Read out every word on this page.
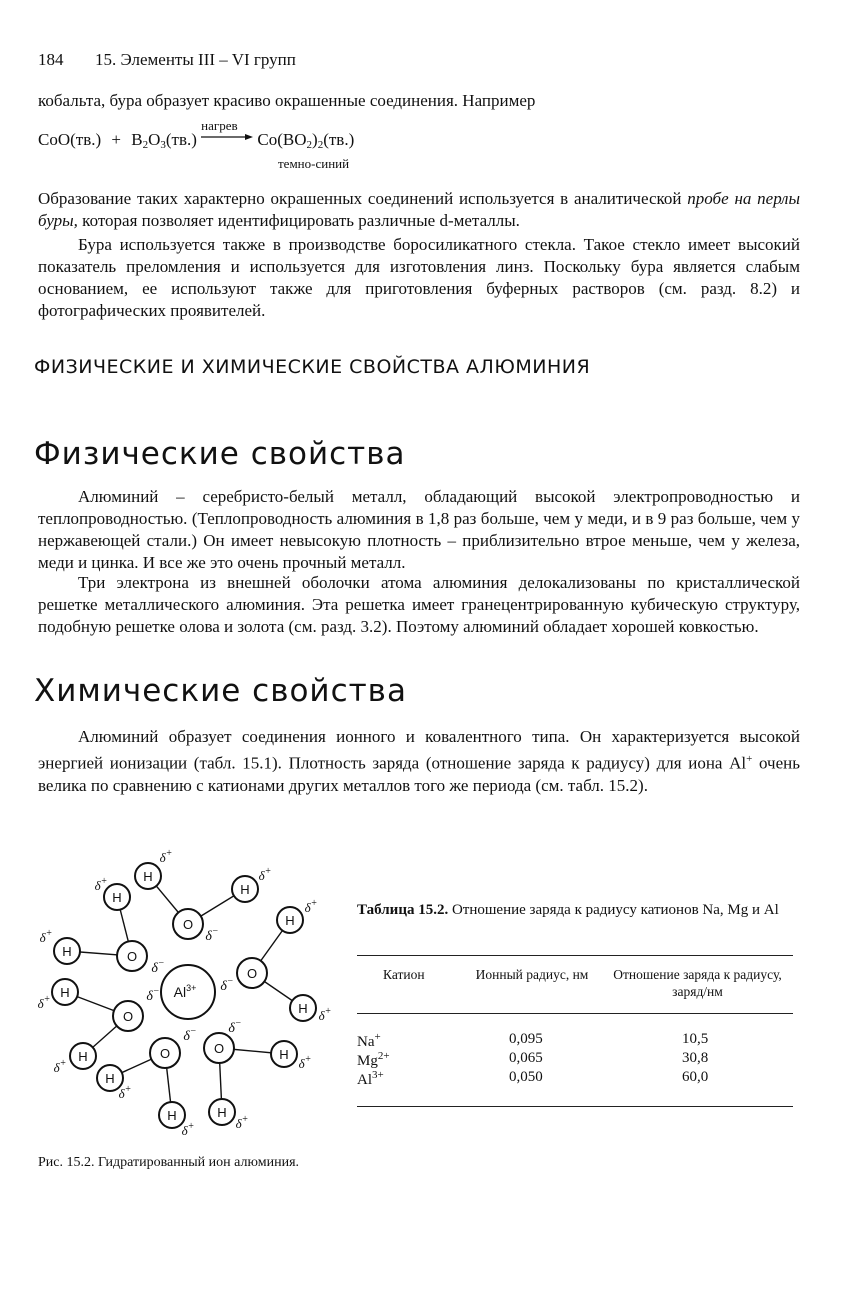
184 15. Элементы III – VI групп
кобальта, бура образует красиво окрашенные соединения. Например
$CoO(тв.) + B_2O_3(тв.)$
нагрев
$Co(BO_2)_2(тв.)$
темно-синий
Образование таких характерно окрашенных соединений используется в аналитической пробе на перлы буры, которая позволяет идентифицировать различные d-металлы.
Бура используется также в производстве боросиликатного стекла. Такое стекло имеет высокий показатель преломления и используется для изготовления линз. Поскольку бура является слабым основанием, ее используют также для приготовления буферных растворов (см. разд. 8.2) и фотографических проявителей.
ФИЗИЧЕСКИЕ И ХИМИЧЕСКИЕ СВОЙСТВА АЛЮМИНИЯ
Физические свойства
Алюминий – серебристо-белый металл, обладающий высокой электропроводностью и теплопроводностью. (Теплопроводность алюминия в 1,8 раз больше, чем у меди, и в 9 раз больше, чем у нержавеющей стали.) Он имеет невысокую плотность – приблизительно втрое меньше, чем у железа, меди и цинка. И все же это очень прочный металл.
Три электрона из внешней оболочки атома алюминия делокализованы по кристаллической решетке металлического алюминия. Эта решетка имеет гранецентрированную кубическую структуру, подобную решетке олова и золота (см. разд. 3.2). Поэтому алюминий обладает хорошей ковкостью.
Химические свойства
Алюминий образует соединения ионного и ковалентного типа. Он характеризуется высокой энергией ионизации (табл. 15.1). Плотность заряда (отношение заряда к радиусу) для иона Al+ очень велика по сравнению с катионами других металлов того же периода (см. табл. 15.2).
$Al^{3+}$
O
δ−
H
δ+
H
δ+
O
δ−
H
δ+
H
δ+
O
δ−
H
δ+
H δ+
O
δ−
H
δ+
H
δ+
O
δ−
H
δ+
H
δ+
O
δ−
H
δ+
H
δ+
Рис. 15.2. Гидратированный ион алюминия.
Таблица 15.2. Отношение заряда к радиусу катионов Na, Mg и Al
Катион	Ионный радиус, нм	Отношение заряда к радиусу, заряд/нм
Na+	0,095	10,5
$Mg^{2+}$	0,065	30,8
$Al^{3+}$	0,050	60,0
